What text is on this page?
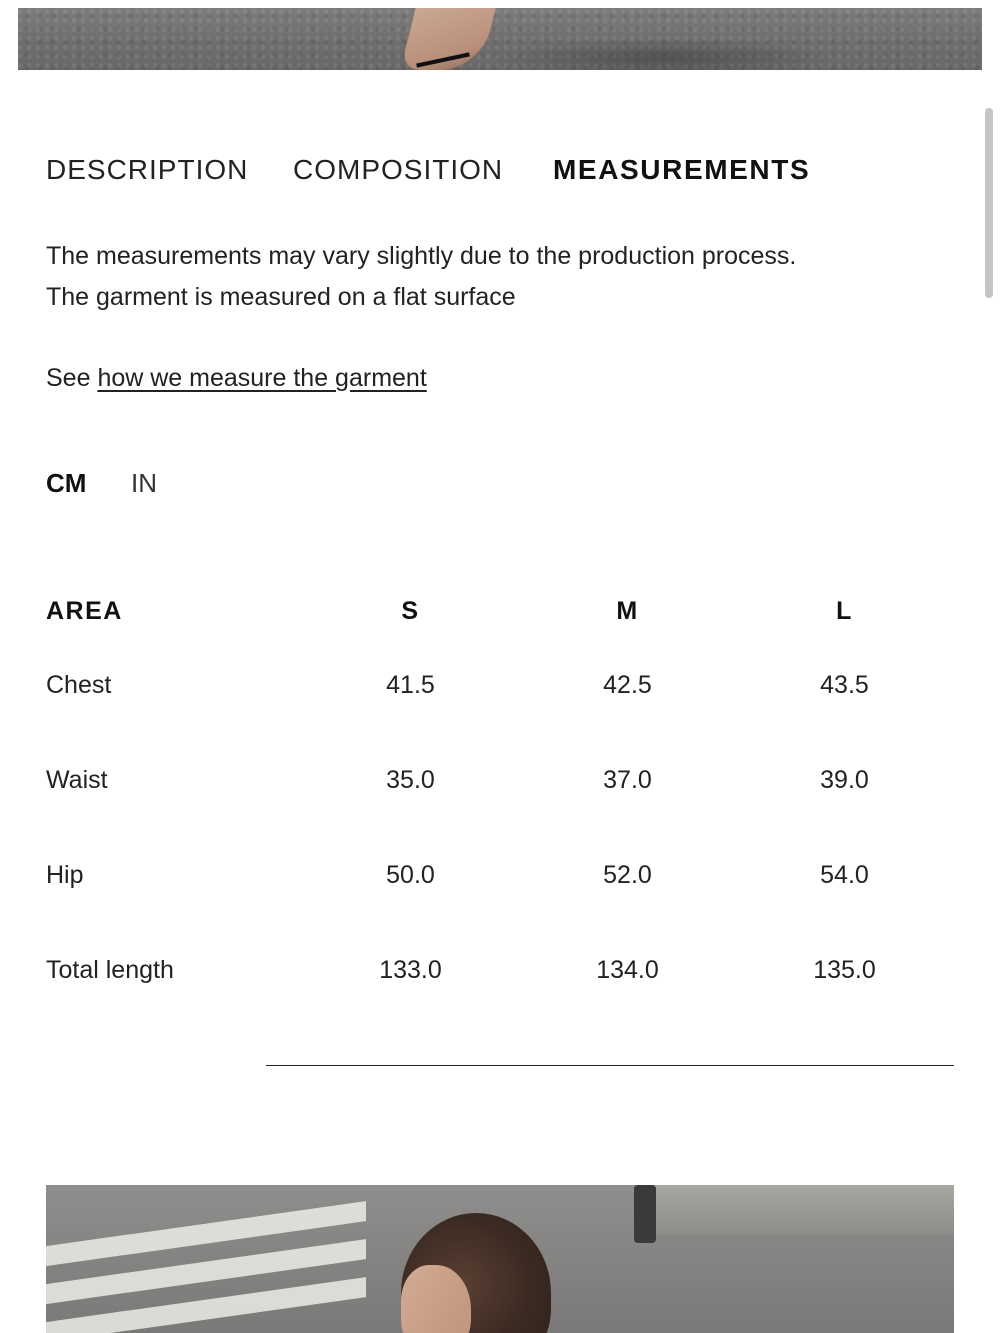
DESCRIPTION COMPOSITION MEASUREMENTS
The measurements may vary slightly due to the production process.
The garment is measured on a flat surface
See how we measure the garment
CM IN
AREA	S	M	L
Chest	41.5	42.5	43.5
Waist	35.0	37.0	39.0
Hip	50.0	52.0	54.0
Total length	133.0	134.0	135.0
